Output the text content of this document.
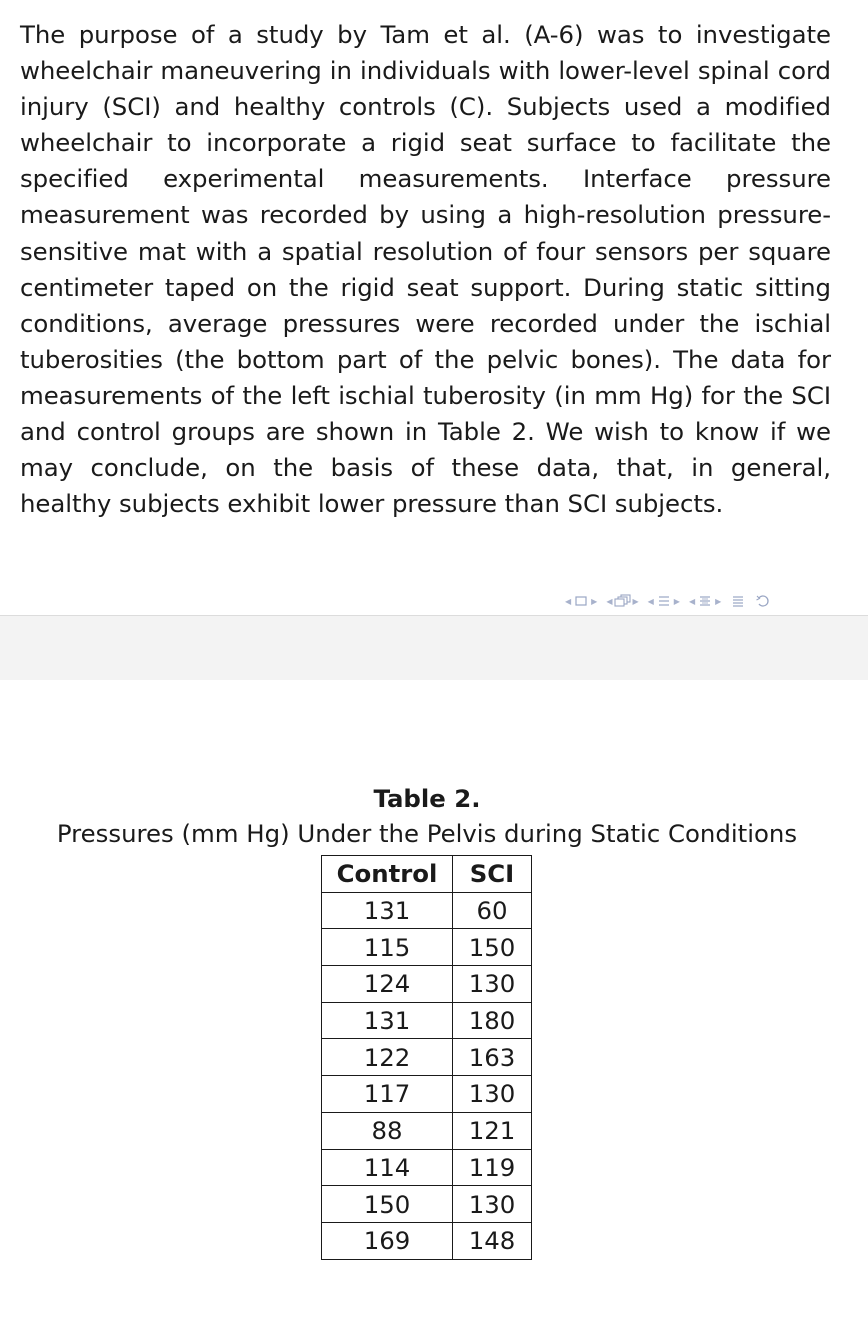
The purpose of a study by Tam et al. (A-6) was to investigate wheelchair maneuvering in individuals with lower-level spinal cord injury (SCI) and healthy controls (C). Subjects used a modified wheelchair to incorporate a rigid seat surface to facilitate the specified experimental measurements. Interface pressure measurement was recorded by using a high-resolution pressure-sensitive mat with a spatial resolution of four sensors per square centimeter taped on the rigid seat support. During static sitting conditions, average pressures were recorded under the ischial tuberosities (the bottom part of the pelvic bones). The data for measurements of the left ischial tuberosity (in mm Hg) for the SCI and control groups are shown in Table 2. We wish to know if we may conclude, on the basis of these data, that, in general, healthy subjects exhibit lower pressure than SCI subjects.

◀	▶ ◀	▶ ◀	▶ ◀	▶

Table 2.

Pressures (mm Hg) Under the Pelvis during Static Conditions

Control	SCI
131	60
115	150
124	130
131	180
122	163
117	130
88	121
114	119
150	130
169	148
